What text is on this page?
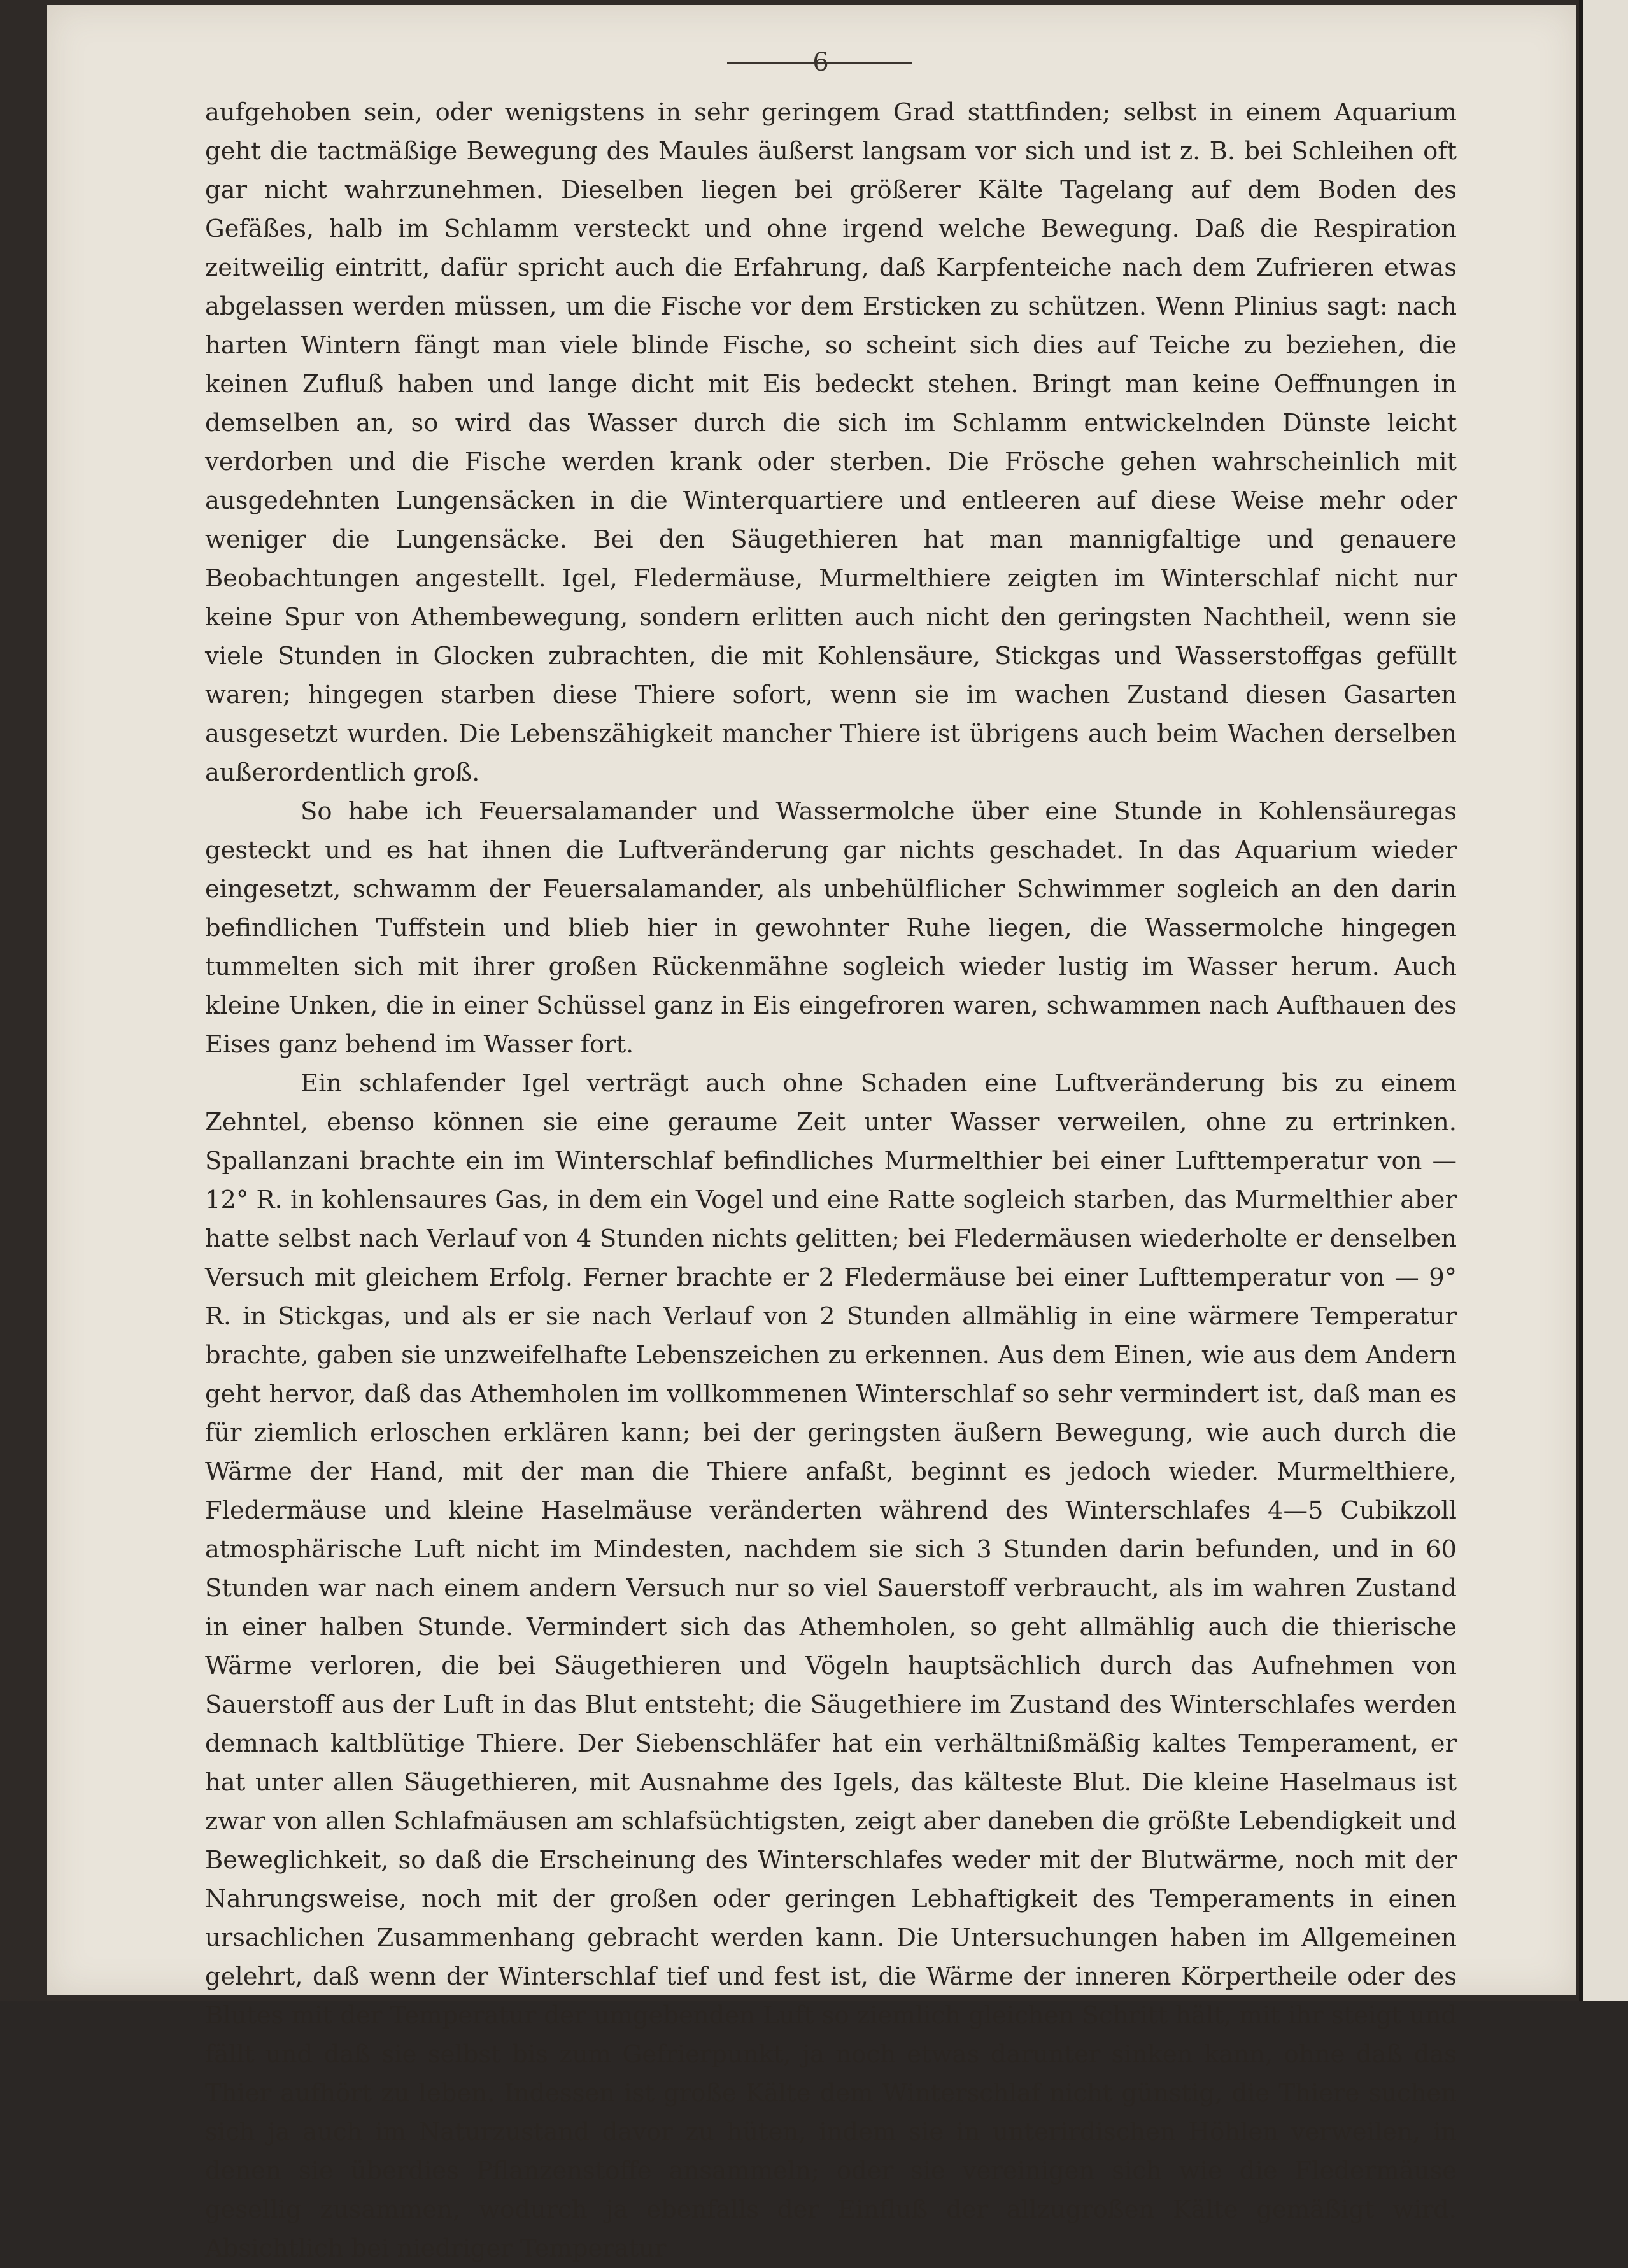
6

aufgehoben sein, oder wenigstens in sehr geringem Grad stattfinden; selbst in einem Aquarium geht die tactmäßige Bewegung des Maules äußerst langsam vor sich und ist z. B. bei Schleihen oft gar nicht wahrzunehmen. Dieselben liegen bei größerer Kälte Tagelang auf dem Boden des Gefäßes, halb im Schlamm versteckt und ohne irgend welche Bewegung. Daß die Respiration zeitweilig eintritt, dafür spricht auch die Erfahrung, daß Karpfenteiche nach dem Zufrieren etwas abgelassen werden müssen, um die Fische vor dem Ersticken zu schützen. Wenn Plinius sagt: nach harten Wintern fängt man viele blinde Fische, so scheint sich dies auf Teiche zu beziehen, die keinen Zufluß haben und lange dicht mit Eis bedeckt stehen. Bringt man keine Oeffnungen in demselben an, so wird das Wasser durch die sich im Schlamm entwickelnden Dünste leicht verdorben und die Fische werden krank oder sterben. Die Frösche gehen wahrscheinlich mit ausgedehnten Lungensäcken in die Winterquartiere und entleeren auf diese Weise mehr oder weniger die Lungensäcke. Bei den Säugethieren hat man mannigfaltige und genauere Beobachtungen angestellt. Igel, Fledermäuse, Murmelthiere zeigten im Winterschlaf nicht nur keine Spur von Athembewegung, sondern erlitten auch nicht den geringsten Nachtheil, wenn sie viele Stunden in Glocken zubrachten, die mit Kohlensäure, Stickgas und Wasserstoffgas gefüllt waren; hingegen starben diese Thiere sofort, wenn sie im wachen Zustand diesen Gasarten ausgesetzt wurden. Die Lebenszähigkeit mancher Thiere ist übrigens auch beim Wachen derselben außerordentlich groß.

So habe ich Feuersalamander und Wassermolche über eine Stunde in Kohlensäuregas gesteckt und es hat ihnen die Luftveränderung gar nichts geschadet. In das Aquarium wieder eingesetzt, schwamm der Feuersalamander, als unbehülflicher Schwimmer sogleich an den darin befindlichen Tuffstein und blieb hier in gewohnter Ruhe liegen, die Wassermolche hingegen tummelten sich mit ihrer großen Rückenmähne sogleich wieder lustig im Wasser herum. Auch kleine Unken, die in einer Schüssel ganz in Eis eingefroren waren, schwammen nach Aufthauen des Eises ganz behend im Wasser fort.

Ein schlafender Igel verträgt auch ohne Schaden eine Luftveränderung bis zu einem Zehntel, ebenso können sie eine geraume Zeit unter Wasser verweilen, ohne zu ertrinken. Spallanzani brachte ein im Winterschlaf befindliches Murmelthier bei einer Lufttemperatur von — 12° R. in kohlensaures Gas, in dem ein Vogel und eine Ratte sogleich starben, das Murmelthier aber hatte selbst nach Verlauf von 4 Stunden nichts gelitten; bei Fledermäusen wiederholte er denselben Versuch mit gleichem Erfolg. Ferner brachte er 2 Fledermäuse bei einer Lufttemperatur von — 9° R. in Stickgas, und als er sie nach Verlauf von 2 Stunden allmählig in eine wärmere Temperatur brachte, gaben sie unzweifelhafte Lebenszeichen zu erkennen. Aus dem Einen, wie aus dem Andern geht hervor, daß das Athemholen im vollkommenen Winterschlaf so sehr vermindert ist, daß man es für ziemlich erloschen erklären kann; bei der geringsten äußern Bewegung, wie auch durch die Wärme der Hand, mit der man die Thiere anfaßt, beginnt es jedoch wieder. Murmelthiere, Fledermäuse und kleine Haselmäuse veränderten während des Winterschlafes 4—5 Cubikzoll atmosphärische Luft nicht im Mindesten, nachdem sie sich 3 Stunden darin befunden, und in 60 Stunden war nach einem andern Versuch nur so viel Sauerstoff verbraucht, als im wahren Zustand in einer halben Stunde. Vermindert sich das Athemholen, so geht allmählig auch die thierische Wärme verloren, die bei Säugethieren und Vögeln hauptsächlich durch das Aufnehmen von Sauerstoff aus der Luft in das Blut entsteht; die Säugethiere im Zustand des Winterschlafes werden demnach kaltblütige Thiere. Der Siebenschläfer hat ein verhältnißmäßig kaltes Temperament, er hat unter allen Säugethieren, mit Ausnahme des Igels, das kälteste Blut. Die kleine Haselmaus ist zwar von allen Schlafmäusen am schlafsüchtigsten, zeigt aber daneben die größte Lebendigkeit und Beweglichkeit, so daß die Erscheinung des Winterschlafes weder mit der Blutwärme, noch mit der Nahrungsweise, noch mit der großen oder geringen Lebhaftigkeit des Temperaments in einen ursachlichen Zusammenhang gebracht werden kann. Die Untersuchungen haben im Allgemeinen gelehrt, daß wenn der Winterschlaf tief und fest ist, die Wärme der inneren Körpertheile oder des Blutes mit der Temperatur der umgebenden Luft so ziemlich gleichen Schritt hält, mit ihr steigt und fällt und daß sie selbst bis zum Gefrierpunkt, ja noch etwas darunter sinken kann, ohne daß das Thier aufhört zu leben. Indessen ist große Kälte dem Winterschlaf nicht günstig, die Thiere suchen sich ja auch im Naturzustand davor zu hüten, indem sie in unterirdischen Höhlen verweilen, in denen sie überdies Pflanzenstoffe ansammeln; oder sie vereinigen sich wie die Fledermäuse gesellig zusammen, wodurch ja ebenfalls der Einfluß der allzugroßen Kälte gemäßigt wird. Absichtlich bei niedriger Temperatur
